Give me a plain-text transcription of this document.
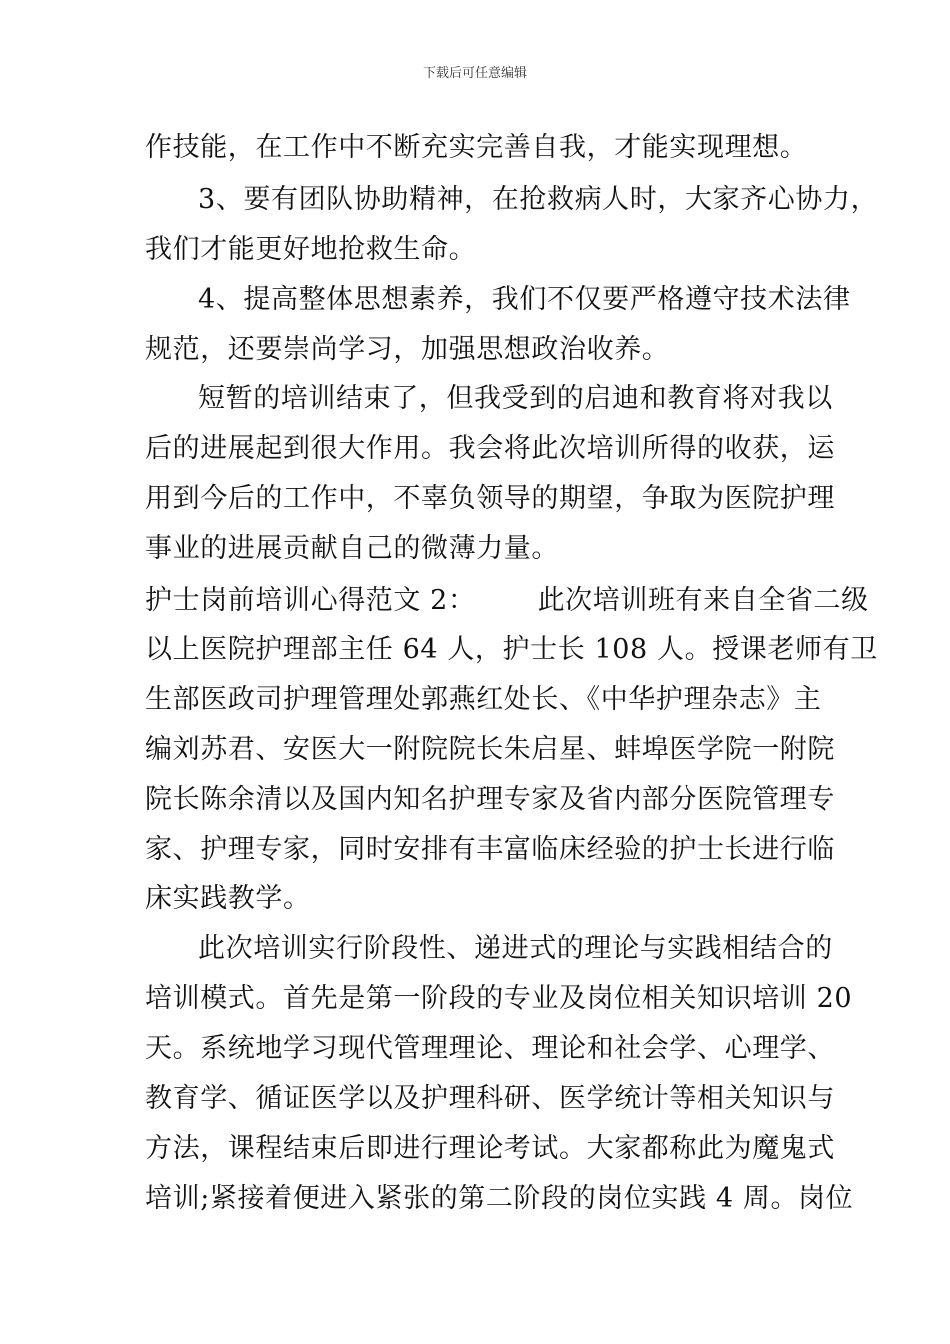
下载后可任意编辑
作技能，在工作中不断充实完善自我，才能实现理想。
3、要有团队协助精神，在抢救病人时，大家齐心协力，
我们才能更好地抢救生命。
4、提高整体思想素养，我们不仅要严格遵守技术法律
规范，还要崇尚学习，加强思想政治收养。
短暂的培训结束了，但我受到的启迪和教育将对我以
后的进展起到很大作用。我会将此次培训所得的收获，运
用到今后的工作中，不辜负领导的期望，争取为医院护理
事业的进展贡献自己的微薄力量。
护士岗前培训心得范文 2： 此次培训班有来自全省二级
以上医院护理部主任 64 人，护士长 108 人。授课老师有卫
生部医政司护理管理处郭燕红处长、《中华护理杂志》主
编刘苏君、安医大一附院院长朱启星、蚌埠医学院一附院
院长陈余清以及国内知名护理专家及省内部分医院管理专
家、护理专家，同时安排有丰富临床经验的护士长进行临
床实践教学。
此次培训实行阶段性、递进式的理论与实践相结合的
培训模式。首先是第一阶段的专业及岗位相关知识培训 20
天。系统地学习现代管理理论、理论和社会学、心理学、
教育学、循证医学以及护理科研、医学统计等相关知识与
方法，课程结束后即进行理论考试。大家都称此为魔鬼式
培训;紧接着便进入紧张的第二阶段的岗位实践 4 周。岗位
